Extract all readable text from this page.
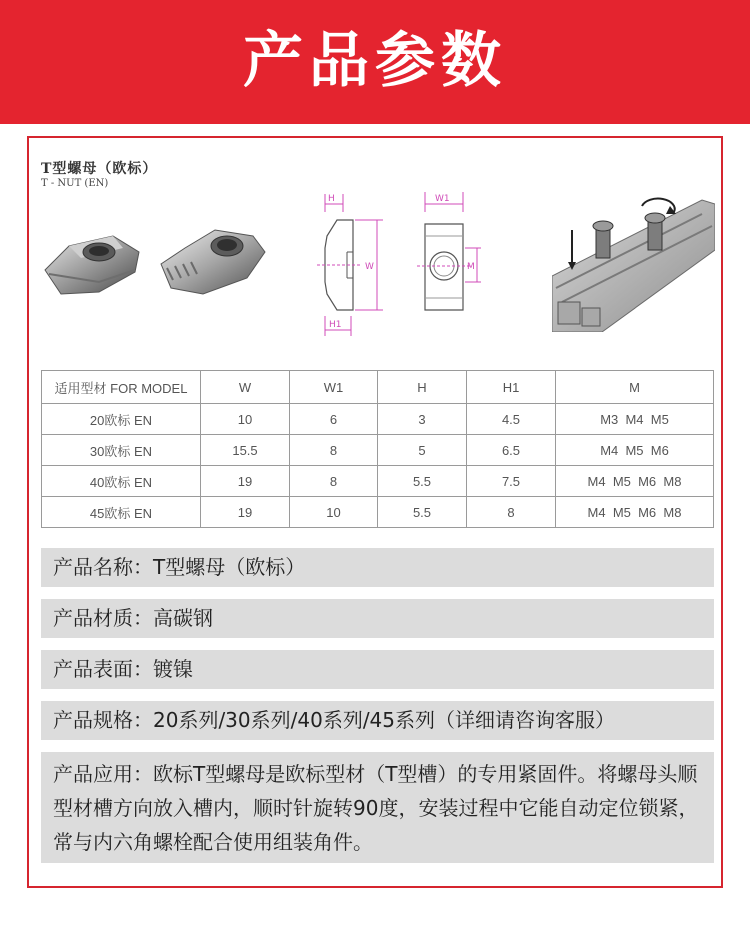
产品参数
T型螺母（欧标）
T - NUT (EN)
H
W
H1
W1
M
适用型材 FOR MODEL	W	W1	H	H1	M
20欧标 EN	10	6	3	4.5	M3  M4  M5
30欧标 EN	15.5	8	5	6.5	M4  M5  M6
40欧标 EN	19	8	5.5	7.5	M4  M5  M6  M8
45欧标 EN	19	10	5.5	8	M4  M5  M6  M8
产品名称：T型螺母（欧标）
产品材质：高碳钢
产品表面：镀镍
产品规格：20系列/30系列/40系列/45系列（详细请咨询客服）
产品应用：欧标T型螺母是欧标型材（T型槽）的专用紧固件。将螺母头顺型材槽方向放入槽内，顺时针旋转90度，安装过程中它能自动定位锁紧， 常与内六角螺栓配合使用组装角件。
